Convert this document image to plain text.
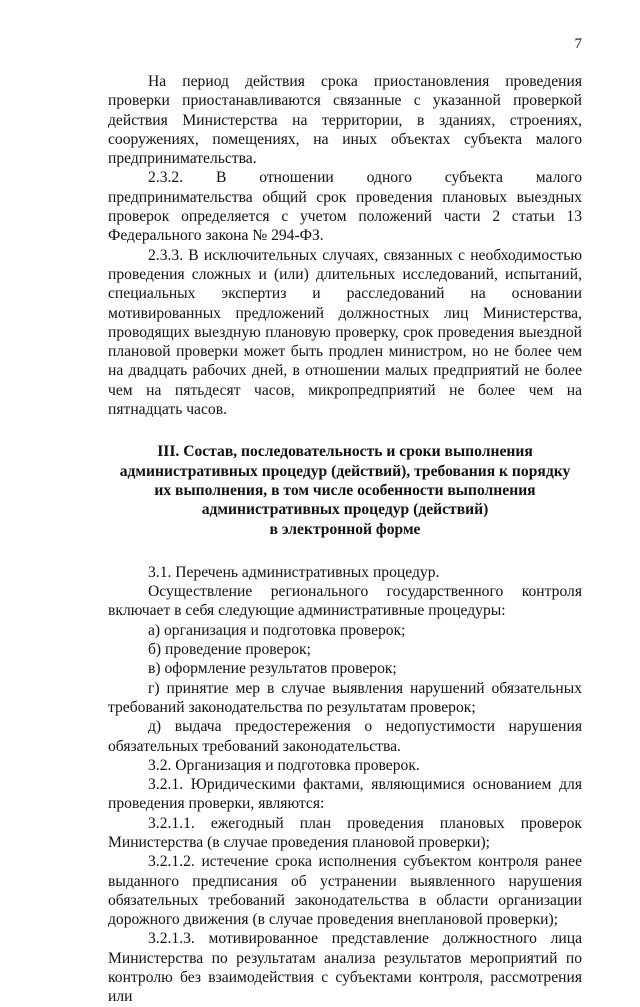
7

На период действия срока приостановления проведения проверки приостанавливаются связанные с указанной проверкой действия Министерства на территории, в зданиях, строениях, сооружениях, помещениях, на иных объектах субъекта малого предпринимательства.

2.3.2. В отношении одного субъекта малого предпринимательства общий срок проведения плановых выездных проверок определяется с учетом положений части 2 статьи 13 Федерального закона № 294-ФЗ.

2.3.3. В исключительных случаях, связанных с необходимостью проведения сложных и (или) длительных исследований, испытаний, специальных экспертиз и расследований на основании мотивированных предложений должностных лиц Министерства, проводящих выездную плановую проверку, срок проведения выездной плановой проверки может быть продлен министром, но не более чем на двадцать рабочих дней, в отношении малых предприятий не более чем на пятьдесят часов, микропредприятий не более чем на пятнадцать часов.

III. Состав, последовательность и сроки выполнения
административных процедур (действий), требования к порядку
их выполнения, в том числе особенности выполнения
административных процедур (действий)
в электронной форме

3.1. Перечень административных процедур.

Осуществление регионального государственного контроля включает в себя следующие административные процедуры:

а) организация и подготовка проверок;

б) проведение проверок;

в) оформление результатов проверок;

г) принятие мер в случае выявления нарушений обязательных требований законодательства по результатам проверок;

д) выдача предостережения о недопустимости нарушения обязательных требований законодательства.

3.2. Организация и подготовка проверок.

3.2.1. Юридическими фактами, являющимися основанием для проведения проверки, являются:

3.2.1.1. ежегодный план проведения плановых проверок Министерства (в случае проведения плановой проверки);

3.2.1.2. истечение срока исполнения субъектом контроля ранее выданного предписания об устранении выявленного нарушения обязательных требований законодательства в области организации дорожного движения (в случае проведения внеплановой проверки);

3.2.1.3. мотивированное представление должностного лица Министерства по результатам анализа результатов мероприятий по контролю без взаимодействия с субъектами контроля, рассмотрения или
